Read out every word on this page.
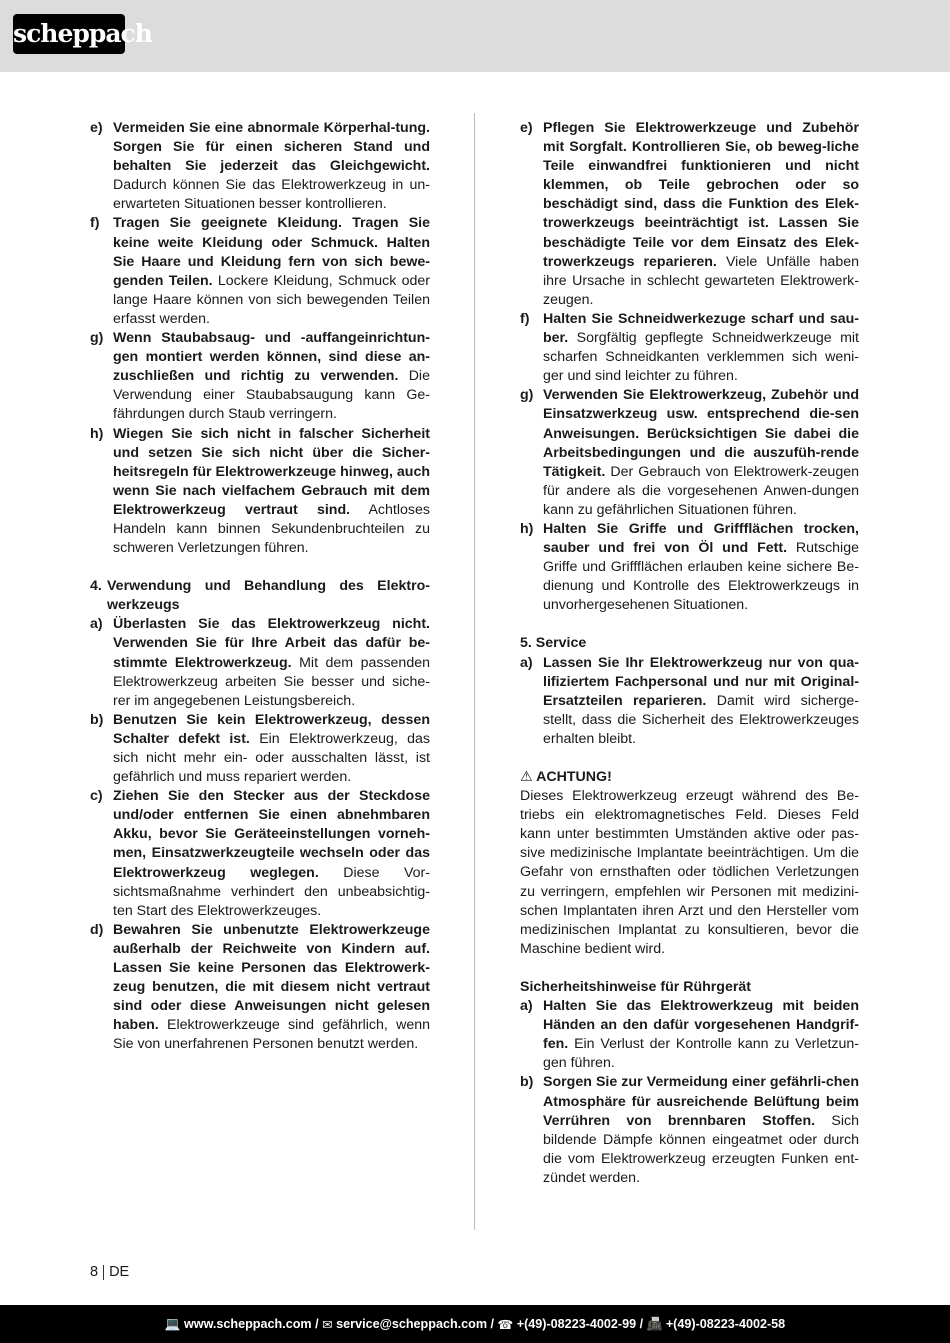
scheppach
e) Vermeiden Sie eine abnormale Körperhal-tung. Sorgen Sie für einen sicheren Stand und behalten Sie jederzeit das Gleichgewicht. Dadurch können Sie das Elektrowerkzeug in un-erwarteten Situationen besser kontrollieren.
f) Tragen Sie geeignete Kleidung. Tragen Sie keine weite Kleidung oder Schmuck. Halten Sie Haare und Kleidung fern von sich bewe-genden Teilen. Lockere Kleidung, Schmuck oder lange Haare können von sich bewegenden Teilen erfasst werden.
g) Wenn Staubabsaug- und -auffangeinrichtun-gen montiert werden können, sind diese an-zuschließen und richtig zu verwenden. Die Verwendung einer Staubabsaugung kann Ge-fährdungen durch Staub verringern.
h) Wiegen Sie sich nicht in falscher Sicherheit und setzen Sie sich nicht über die Sicher-heitsregeln für Elektrowerkzeuge hinweg, auch wenn Sie nach vielfachem Gebrauch mit dem Elektrowerkzeug vertraut sind. Achtloses Handeln kann binnen Sekundenbruchteilen zu schweren Verletzungen führen.
4. Verwendung und Behandlung des Elektro-werkzeugs
a) Überlasten Sie das Elektrowerkzeug nicht. Verwenden Sie für Ihre Arbeit das dafür be-stimmte Elektrowerkzeug. Mit dem passenden Elektrowerkzeug arbeiten Sie besser und siche-rer im angegebenen Leistungsbereich.
b) Benutzen Sie kein Elektrowerkzeug, dessen Schalter defekt ist. Ein Elektrowerkzeug, das sich nicht mehr ein- oder ausschalten lässt, ist gefährlich und muss repariert werden.
c) Ziehen Sie den Stecker aus der Steckdose und/oder entfernen Sie einen abnehmbaren Akku, bevor Sie Geräteeinstellungen vorneh-men, Einsatzwerkzeugteile wechseln oder das Elektrowerkzeug weglegen. Diese Vor-sichtsmaßnahme verhindert den unbeabsichtig-ten Start des Elektrowerkzeuges.
d) Bewahren Sie unbenutzte Elektrowerkzeuge außerhalb der Reichweite von Kindern auf. Lassen Sie keine Personen das Elektrowerk-zeug benutzen, die mit diesem nicht vertraut sind oder diese Anweisungen nicht gelesen haben. Elektrowerkzeuge sind gefährlich, wenn Sie von unerfahrenen Personen benutzt werden.
e) Pflegen Sie Elektrowerkzeuge und Zubehör mit Sorgfalt. Kontrollieren Sie, ob beweg-liche Teile einwandfrei funktionieren und nicht klemmen, ob Teile gebrochen oder so beschädigt sind, dass die Funktion des Elek-trowerkzeugs beeinträchtigt ist. Lassen Sie beschädigte Teile vor dem Einsatz des Elek-trowerkzeugs reparieren. Viele Unfälle haben ihre Ursache in schlecht gewarteten Elektrowerk-zeugen.
f) Halten Sie Schneidwerkezuge scharf und sau-ber. Sorgfältig gepflegte Schneidwerkzeuge mit scharfen Schneidkanten verklemmen sich weni-ger und sind leichter zu führen.
g) Verwenden Sie Elektrowerkzeug, Zubehör und Einsatzwerkzeug usw. entsprechend die-sen Anweisungen. Berücksichtigen Sie dabei die Arbeitsbedingungen und die auszufüh-rende Tätigkeit. Der Gebrauch von Elektrowerk-zeugen für andere als die vorgesehenen Anwen-dungen kann zu gefährlichen Situationen führen.
h) Halten Sie Griffe und Griffflächen trocken, sauber und frei von Öl und Fett. Rutschige Griffe und Griffflächen erlauben keine sichere Be-dienung und Kontrolle des Elektrowerkzeugs in unvorhergesehenen Situationen.

5. Service

a) Lassen Sie Ihr Elektrowerkzeug nur von qua-lifiziertem Fachpersonal und nur mit Original-Ersatzteilen reparieren. Damit wird sicherge-stellt, dass die Sicherheit des Elektrowerkzeuges erhalten bleibt.

⚠ ACHTUNG!

Dieses Elektrowerkzeug erzeugt während des Be-triebs ein elektromagnetisches Feld. Dieses Feld kann unter bestimmten Umständen aktive oder pas-sive medizinische Implantate beeinträchtigen. Um die Gefahr von ernsthaften oder tödlichen Verletzungen zu verringern, empfehlen wir Personen mit medizini-schen Implantaten ihren Arzt und den Hersteller vom medizinischen Implantat zu konsultieren, bevor die Maschine bedient wird.

Sicherheitshinweise für Rührgerät

a) Halten Sie das Elektrowerkzeug mit beiden Händen an den dafür vorgesehenen Handgrif-fen. Ein Verlust der Kontrolle kann zu Verletzun-gen führen.
b) Sorgen Sie zur Vermeidung einer gefährli-chen Atmosphäre für ausreichende Belüftung beim Verrühren von brennbaren Stoffen. Sich bildende Dämpfe können eingeatmet oder durch die vom Elektrowerkzeug erzeugten Funken ent-zündet werden.
8 DE
💻
www.scheppach.com / ✉
service@scheppach.com / ☎
+(49)-08223-4002-99 / 📠
+(49)-08223-4002-58
